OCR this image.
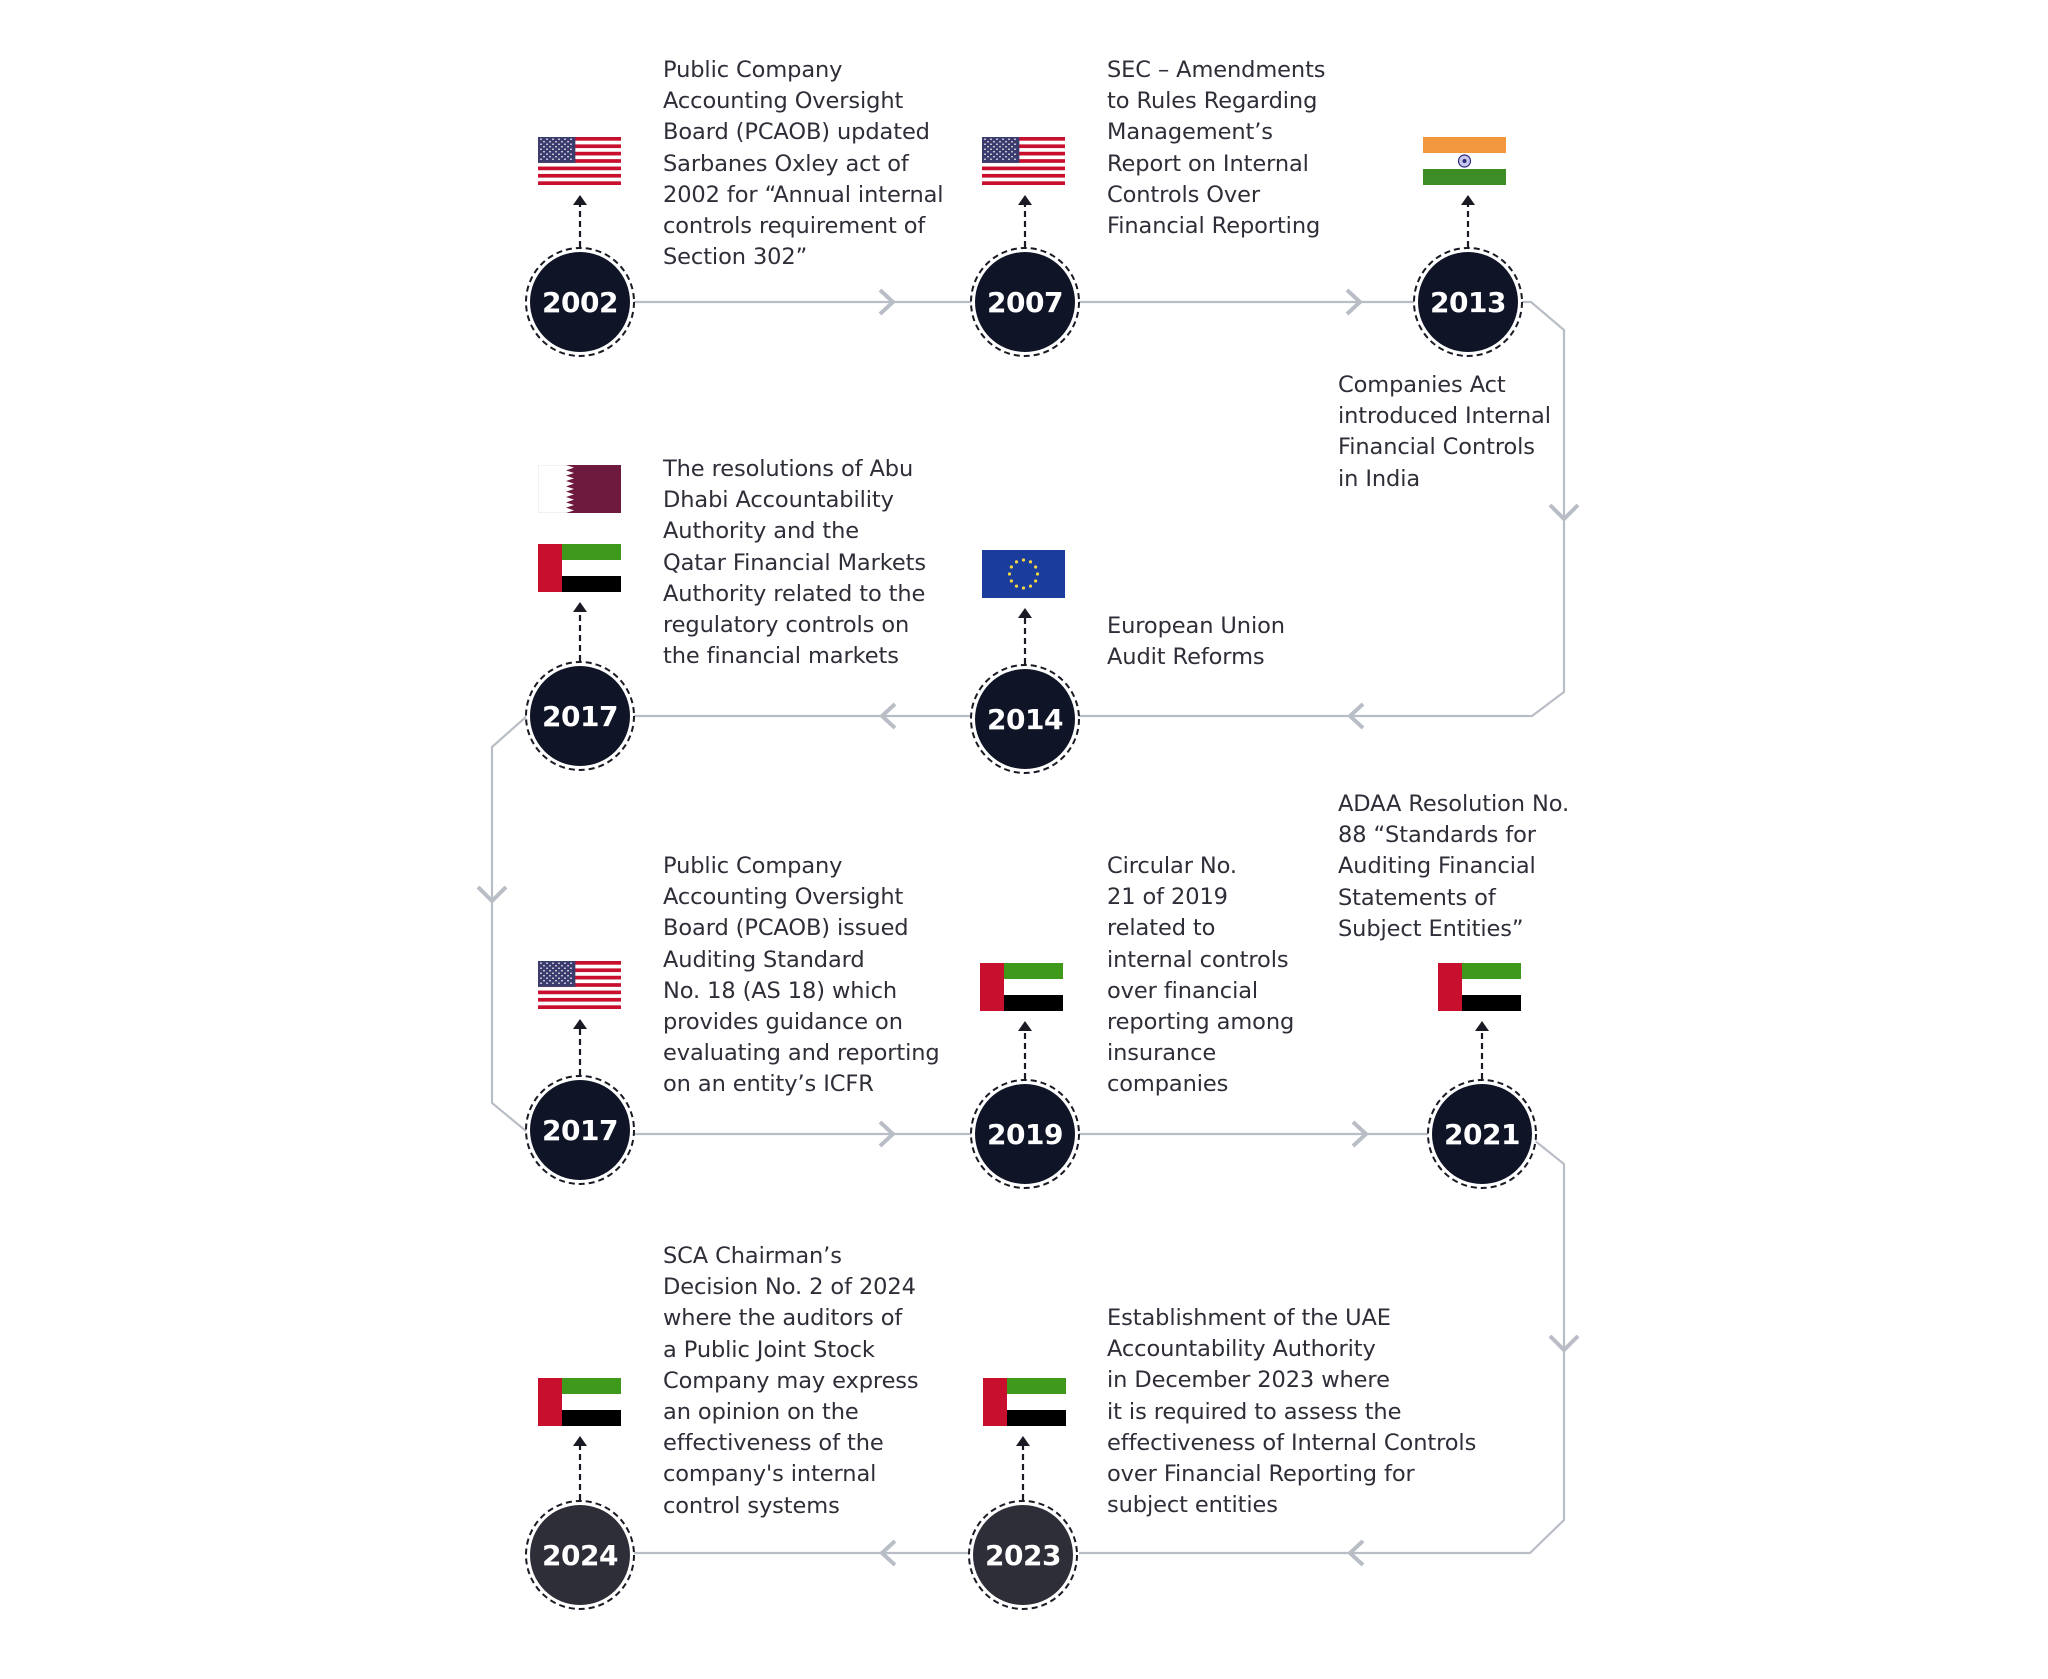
2002
Public Company
Accounting Oversight
Board (PCAOB) updated
Sarbanes Oxley act of
2002 for “Annual internal
controls requirement of
Section 302”
2007
SEC – Amendments
to Rules Regarding
Management’s
Report on Internal
Controls Over
Financial Reporting
2013
Companies Act
introduced Internal
Financial Controls
in India
2014
European Union
Audit Reforms
2017
The resolutions of Abu
Dhabi Accountability
Authority and the
Qatar Financial Markets
Authority related to the
regulatory controls on
the financial markets
2017
Public Company
Accounting Oversight
Board (PCAOB) issued
Auditing Standard
No. 18 (AS 18) which
provides guidance on
evaluating and reporting
on an entity’s ICFR
2019
Circular No.
21 of 2019
related to
internal controls
over financial
reporting among
insurance
companies
2021
ADAA Resolution No.
88 “Standards for
Auditing Financial
Statements of
Subject Entities”
2023
Establishment of the UAE
Accountability Authority
in December 2023 where
it is required to assess the
effectiveness of Internal Controls
over Financial Reporting for
subject entities
2024
SCA Chairman’s
Decision No. 2 of 2024
where the auditors of
a Public Joint Stock
Company may express
an opinion on the
effectiveness of the
company's internal
control systems
